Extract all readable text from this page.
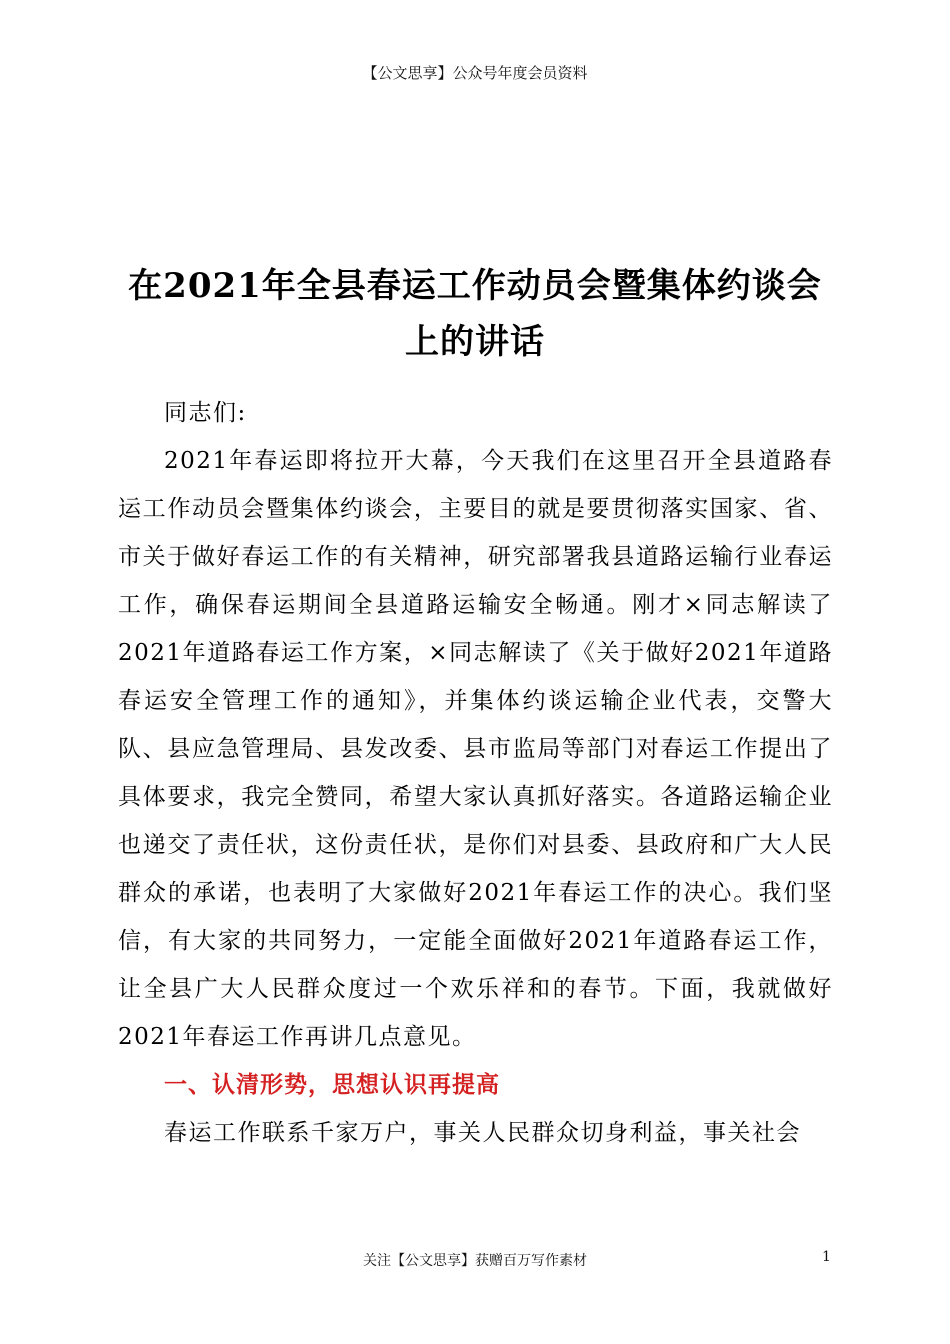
【公文思享】公众号年度会员资料
在2021年全县春运工作动员会暨集体约谈会
上的讲话

同志们:

2021年春运即将拉开大幕，今天我们在这里召开全县道路春运工作动员会暨集体约谈会，主要目的就是要贯彻落实国家、省、市关于做好春运工作的有关精神，研究部署我县道路运输行业春运工作，确保春运期间全县道路运输安全畅通。刚才×同志解读了2021年道路春运工作方案，×同志解读了《关于做好2021年道路春运安全管理工作的通知》，并集体约谈运输企业代表，交警大队、县应急管理局、县发改委、县市监局等部门对春运工作提出了具体要求，我完全赞同，希望大家认真抓好落实。各道路运输企业也递交了责任状，这份责任状，是你们对县委、县政府和广大人民群众的承诺，也表明了大家做好2021年春运工作的决心。我们坚信，有大家的共同努力，一定能全面做好2021年道路春运工作，让全县广大人民群众度过一个欢乐祥和的春节。下面，我就做好2021年春运工作再讲几点意见。

一、认清形势，思想认识再提高

春运工作联系千家万户，事关人民群众切身利益，事关社会

关注【公文思享】获赠百万写作素材	1
